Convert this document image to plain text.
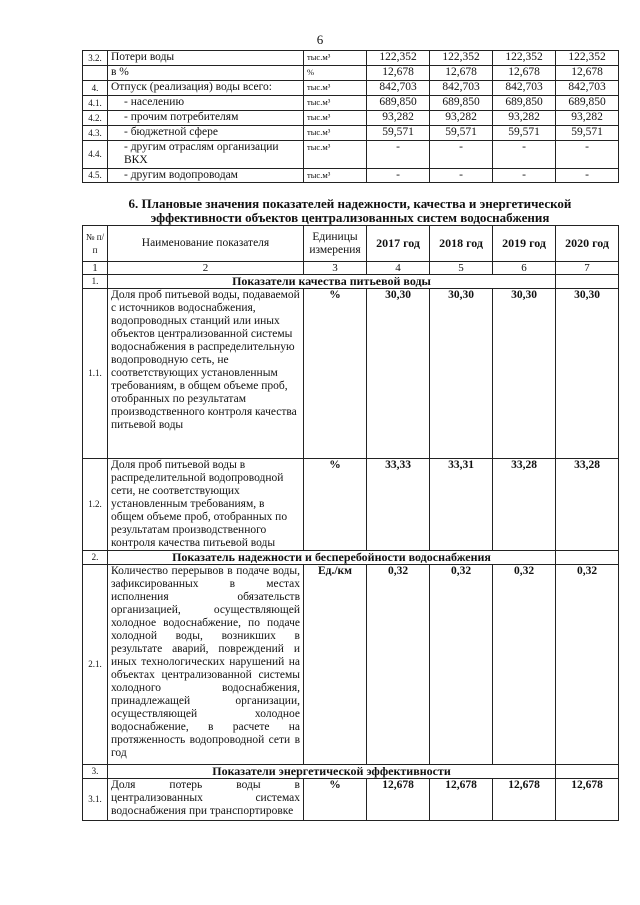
6
3.2.	Потери воды	тыс.м³	122,352	122,352	122,352	122,352
	в %	%	12,678	12,678	12,678	12,678
4.	Отпуск (реализация) воды всего:	тыс.м³	842,703	842,703	842,703	842,703
4.1.	- населению	тыс.м³	689,850	689,850	689,850	689,850
4.2.	- прочим потребителям	тыс.м³	93,282	93,282	93,282	93,282
4.3.	- бюджетной сфере	тыс.м³	59,571	59,571	59,571	59,571
4.4.	- другим отраслям организации ВКХ	тыс.м³	-	-	-	-
4.5.	- другим водопроводам	тыс.м³	-	-	-	-
6. Плановые значения показателей надежности, качества и энергетической эффективности объектов централизованных систем водоснабжения
№ п/ п	Наименование показателя	Единицы измерения	2017 год	2018 год	2019 год	2020 год
1	2	3	4	5	6	7
1.	Показатели качества питьевой воды					
1.1.	Доля проб питьевой воды, подаваемой с источников водоснабжения, водопроводных станций или иных объектов централизованной системы водоснабжения в распределительную водопроводную сеть, не соответствующих установленным требованиям, в общем объеме проб, отобранных по результатам производственного контроля качества питьевой воды	%	30,30	30,30	30,30	30,30
1.2.	Доля проб питьевой воды в распределительной водопроводной сети, не соответствующих установленным требованиям, в общем объеме проб, отобранных по результатам производственного контроля качества питьевой воды	%	33,33	33,31	33,28	33,28
2.	Показатель надежности и бесперебойности водоснабжения					
2.1.	Количество перерывов в подаче воды, зафиксированных в местах исполнения обязательств организацией, осуществляющей холодное водоснабжение, по подаче холодной воды, возникших в результате аварий, повреждений и иных технологических нарушений на объектах централизованной системы холодного водоснабжения, принадлежащей организации, осуществляющей холодное водоснабжение, в расчете на протяженность водопроводной сети в год	Ед./км	0,32	0,32	0,32	0,32
3.	Показатели энергетической эффективности					
3.1.	Доля потерь воды в централизованных системах водоснабжения при транспортировке	%	12,678	12,678	12,678	12,678
